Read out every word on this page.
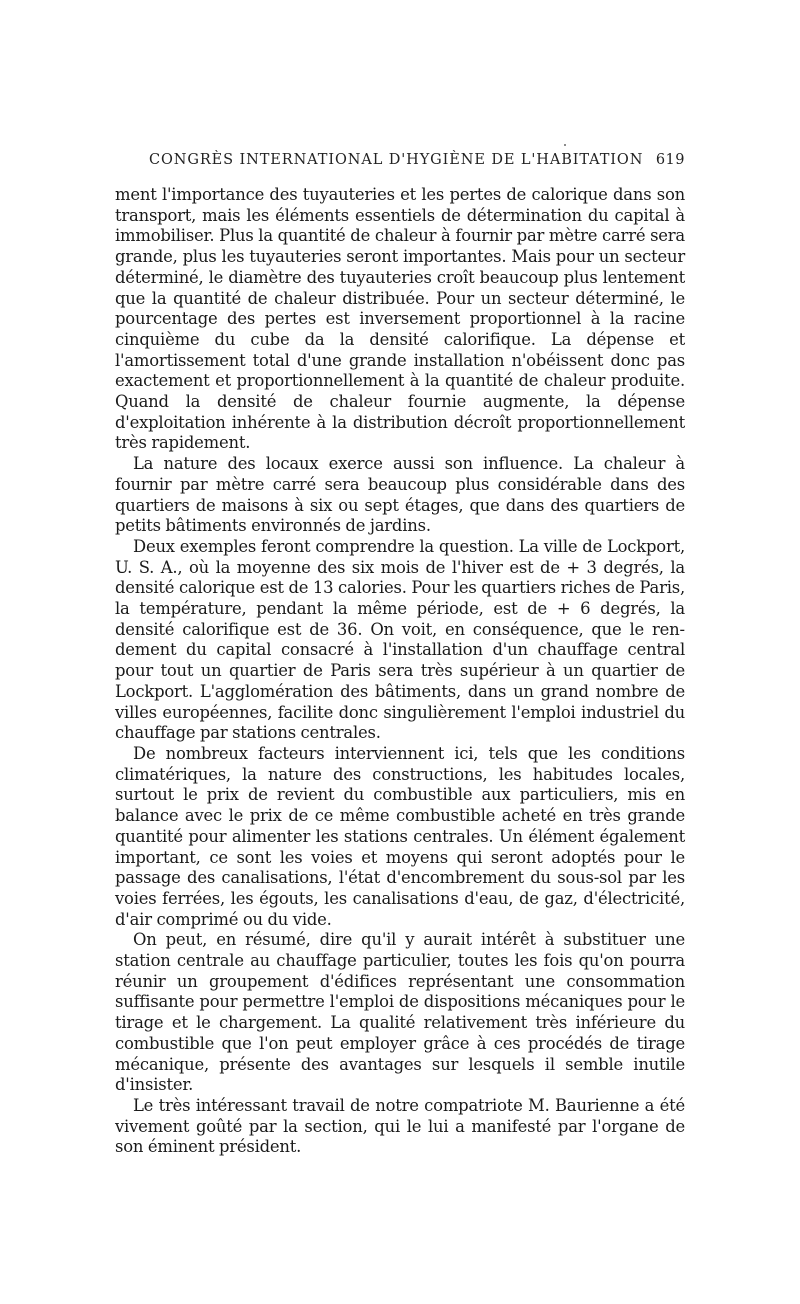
CONGRÈS INTERNATIONAL D'HYGIÈNE DE L'HABITATION 619

ment l'importance des tuyauteries et les pertes de calorique dans son transport, mais les éléments essentiels de détermination du capital à immobiliser. Plus la quantité de chaleur à fournir par mètre carré sera grande, plus les tuyauteries seront importantes. Mais pour un secteur déterminé, le diamètre des tuyauteries croît beaucoup plus lentement que la quantité de chaleur distribuée. Pour un secteur déterminé, le pourcentage des pertes est inversement proportionnel à la racine cinquième du cube da la densité calorifique. La dépense et l'amortissement total d'une grande installation n'obéissent donc pas exactement et proportionnellement à la quantité de chaleur produite. Quand la densité de chaleur fournie augmente, la dépense d'exploitation inhérente à la distribution décroît proportionnellement très rapidement.

La nature des locaux exerce aussi son influence. La chaleur à fournir par mètre carré sera beaucoup plus considérable dans des quartiers de maisons à six ou sept étages, que dans des quartiers de petits bâtiments environnés de jardins.

Deux exemples feront comprendre la question. La ville de Lockport, U. S. A., où la moyenne des six mois de l'hiver est de + 3 degrés, la densité calorique est de 13 calories. Pour les quartiers riches de Paris, la température, pendant la même période, est de + 6 degrés, la densité calorifique est de 36. On voit, en conséquence, que le rendement du capital consacré à l'installation d'un chauffage central pour tout un quartier de Paris sera très supérieur à un quartier de Lockport. L'agglomération des bâtiments, dans un grand nombre de villes européennes, facilite donc singulièrement l'emploi industriel du chauffage par stations centrales.

De nombreux facteurs interviennent ici, tels que les conditions climatériques, la nature des constructions, les habitudes locales, surtout le prix de revient du combustible aux particuliers, mis en balance avec le prix de ce même combustible acheté en très grande quantité pour alimenter les stations centrales. Un élément également important, ce sont les voies et moyens qui seront adoptés pour le passage des canalisations, l'état d'encombrement du sous-sol par les voies ferrées, les égouts, les canalisations d'eau, de gaz, d'électricité, d'air comprimé ou du vide.

On peut, en résumé, dire qu'il y aurait intérêt à substituer une station centrale au chauffage particulier, toutes les fois qu'on pourra réunir un groupement d'édifices représentant une consommation suffisante pour permettre l'emploi de dispositions mécaniques pour le tirage et le chargement. La qualité relativement très inférieure du combustible que l'on peut employer grâce à ces procédés de tirage mécanique, présente des avantages sur lesquels il semble inutile d'insister.

Le très intéressant travail de notre compatriote M. Baurienne a été vivement goûté par la section, qui le lui a manifesté par l'organe de son éminent président.
